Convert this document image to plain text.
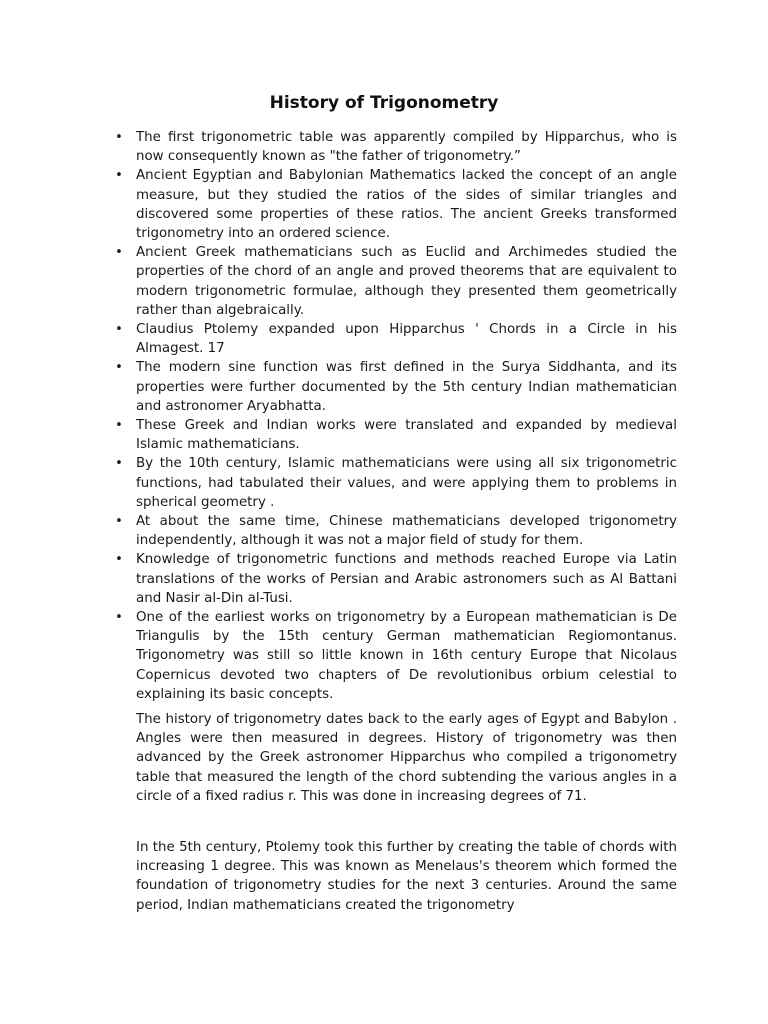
History of Trigonometry
• The first trigonometric table was apparently compiled by Hipparchus, who is now consequently known as "the father of trigonometry.”
• Ancient Egyptian and Babylonian Mathematics lacked the concept of an angle measure, but they studied the ratios of the sides of similar triangles and discovered some properties of these ratios. The ancient Greeks transformed trigonometry into an ordered science.
• Ancient Greek mathematicians such as Euclid and Archimedes studied the properties of the chord of an angle and proved theorems that are equivalent to modern trigonometric formulae, although they presented them geometrically rather than algebraically.
• Claudius Ptolemy expanded upon Hipparchus ' Chords in a Circle in his Almagest. 17
• The modern sine function was first defined in the Surya Siddhanta, and its properties were further documented by the 5th century Indian mathematician and astronomer Aryabhatta.
• These Greek and Indian works were translated and expanded by medieval Islamic mathematicians.
• By the 10th century, Islamic mathematicians were using all six trigonometric functions, had tabulated their values, and were applying them to problems in spherical geometry .
• At about the same time, Chinese mathematicians developed trigonometry independently, although it was not a major field of study for them.
• Knowledge of trigonometric functions and methods reached Europe via Latin translations of the works of Persian and Arabic astronomers such as Al Battani and Nasir al-Din al-Tusi.
• One of the earliest works on trigonometry by a European mathematician is De Triangulis by the 15th century German mathematician Regiomontanus. Trigonometry was still so little known in 16th century Europe that Nicolaus Copernicus devoted two chapters of De revolutionibus orbium celestial to explaining its basic concepts.

The history of trigonometry dates back to the early ages of Egypt and Babylon . Angles were then measured in degrees. History of trigonometry was then advanced by the Greek astronomer Hipparchus who compiled a trigonometry table that measured the length of the chord subtending the various angles in a circle of a fixed radius r. This was done in increasing degrees of 71.

In the 5th century, Ptolemy took this further by creating the table of chords with increasing 1 degree. This was known as Menelaus's theorem which formed the foundation of trigonometry studies for the next 3 centuries. Around the same period, Indian mathematicians created the trigonometry
